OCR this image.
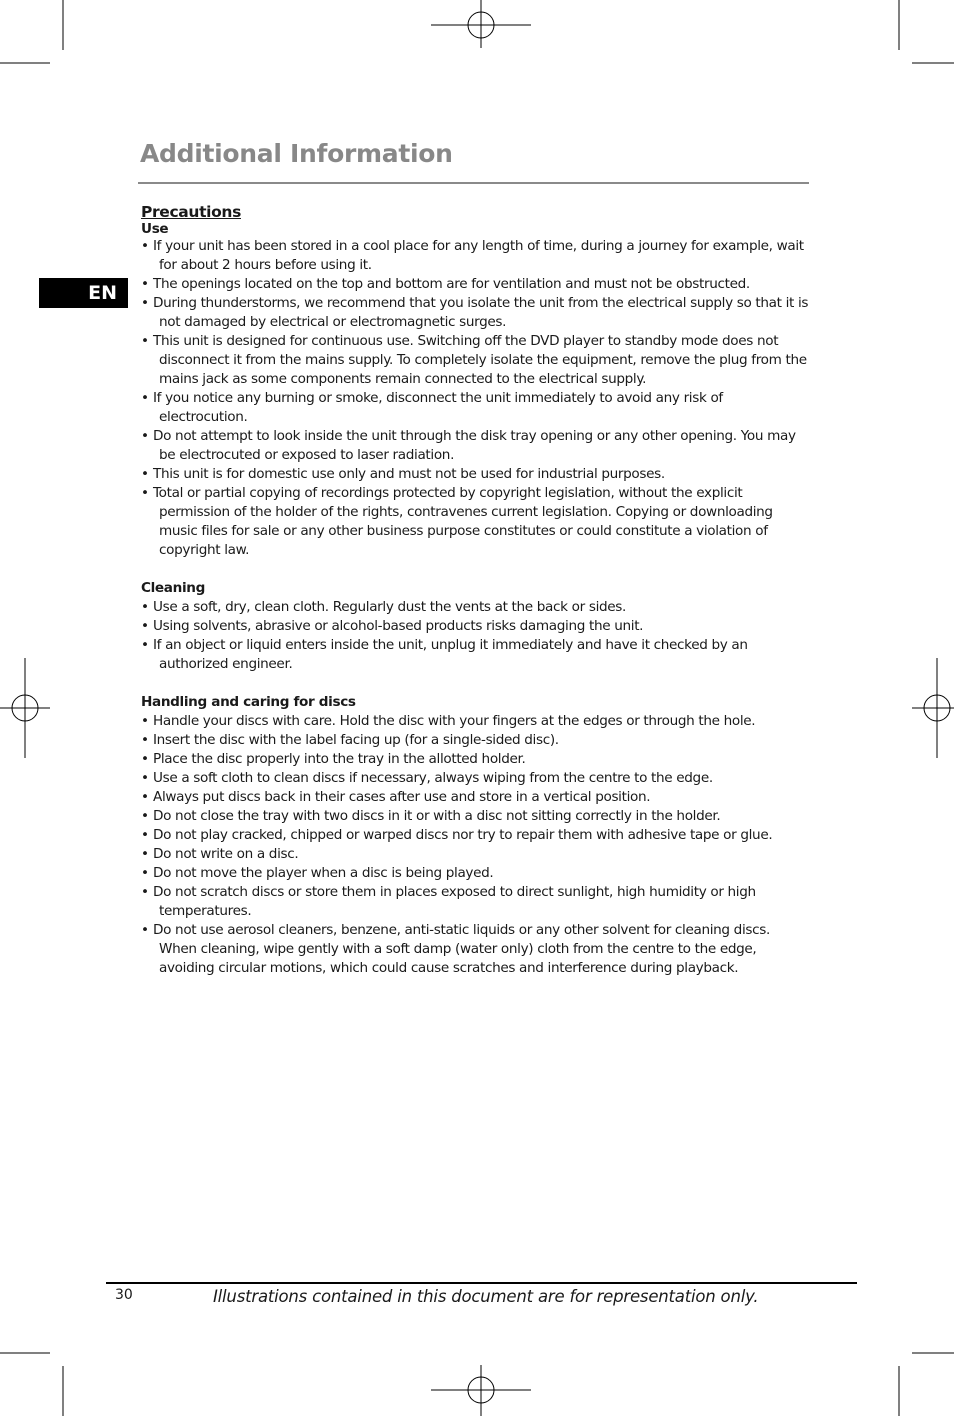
Additional Information
EN
Precautions
Use
• If your unit has been stored in a cool place for any length of time, during a journey for example, wait for about 2 hours before using it.
• The openings located on the top and bottom are for ventilation and must not be obstructed.
• During thunderstorms, we recommend that you isolate the unit from the electrical supply so that it is not damaged by electrical or electromagnetic surges.
• This unit is designed for continuous use. Switching off the DVD player to standby mode does not disconnect it from the mains supply. To completely isolate the equipment, remove the plug from the mains jack as some components remain connected to the electrical supply.
• If you notice any burning or smoke, disconnect the unit immediately to avoid any risk of electrocution.
• Do not attempt to look inside the unit through the disk tray opening or any other opening. You may be electrocuted or exposed to laser radiation.
• This unit is for domestic use only and must not be used for industrial purposes.
• Total or partial copying of recordings protected by copyright legislation, without the explicit permission of the holder of the rights, contravenes current legislation. Copying or downloading music files for sale or any other business purpose constitutes or could constitute a violation of copyright law.
Cleaning
• Use a soft, dry, clean cloth. Regularly dust the vents at the back or sides.
• Using solvents, abrasive or alcohol-based products risks damaging the unit.
• If an object or liquid enters inside the unit, unplug it immediately and have it checked by an authorized engineer.
Handling and caring for discs
• Handle your discs with care. Hold the disc with your fingers at the edges or through the hole.
• Insert the disc with the label facing up (for a single-sided disc).
• Place the disc properly into the tray in the allotted holder.
• Use a soft cloth to clean discs if necessary, always wiping from the centre to the edge.
• Always put discs back in their cases after use and store in a vertical position.
• Do not close the tray with two discs in it or with a disc not sitting correctly in the holder.
• Do not play cracked, chipped or warped discs nor try to repair them with adhesive tape or glue.
• Do not write on a disc.
• Do not move the player when a disc is being played.
• Do not scratch discs or store them in places exposed to direct sunlight, high humidity or high temperatures.
• Do not use aerosol cleaners, benzene, anti-static liquids or any other solvent for cleaning discs. When cleaning, wipe gently with a soft damp (water only) cloth from the centre to the edge, avoiding circular motions, which could cause scratches and interference during playback.
30	Illustrations contained in this document are for representation only.
